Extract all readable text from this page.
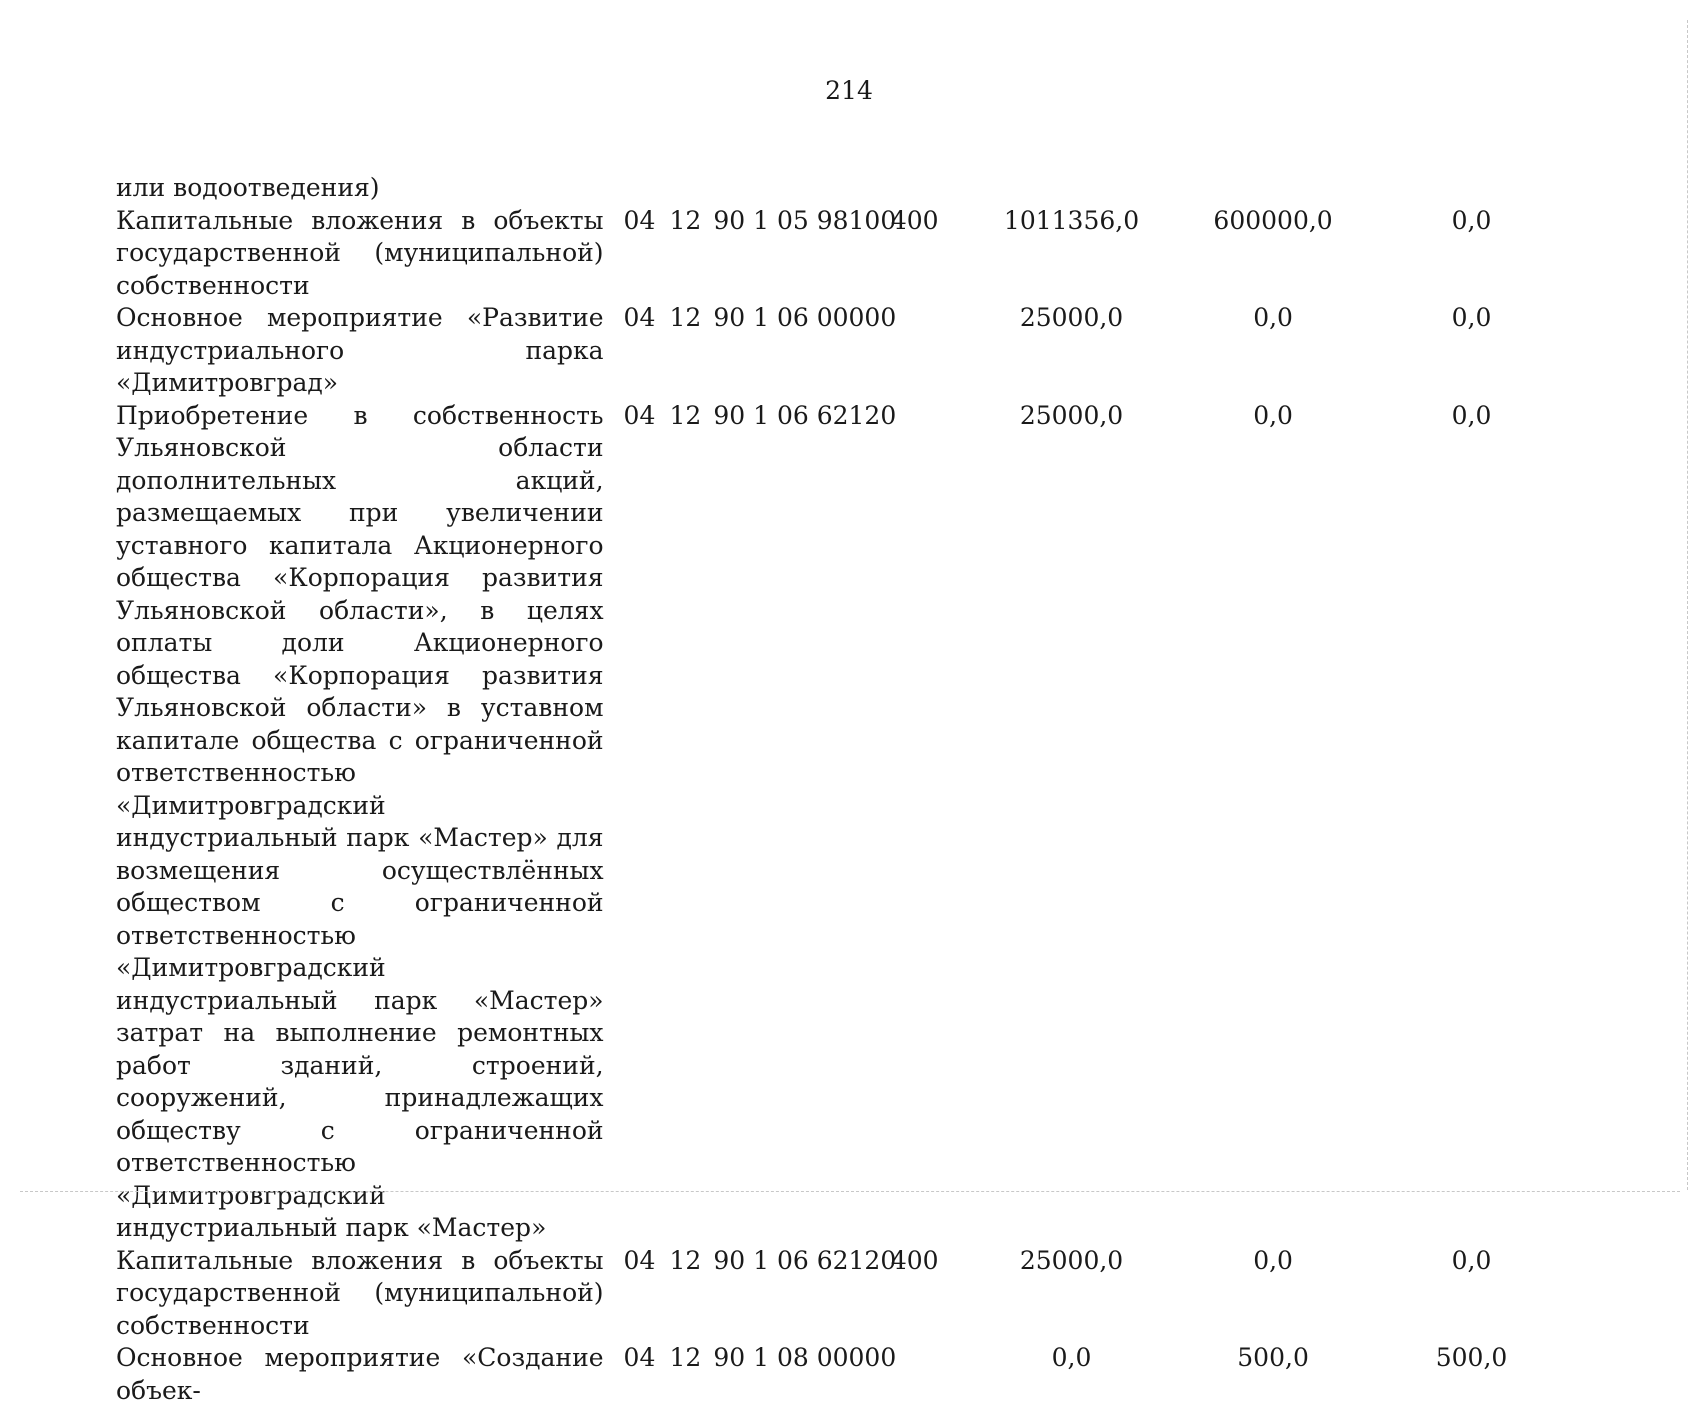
214
или водоотведения)							
Капитальные вложения в объекты государственной (муниципальной) собственности	04	12	90 1 05 98100	400	1011356,0	600000,0	0,0
Основное мероприятие «Развитие индустриального парка «Димитровград»	04	12	90 1 06 00000		25000,0	0,0	0,0
Приобретение в собственность Ульяновской области дополнительных акций, размещаемых при увеличении уставного капитала Акционерного общества «Корпорация развития Ульяновской области», в целях оплаты доли Акционерного общества «Корпорация развития Ульяновской области» в уставном капитале общества с ограниченной ответственностью «Димитровградский индустриальный парк «Мастер» для возмещения осуществлённых обществом с ограниченной ответственностью «Димитровградский индустриальный парк «Мастер» затрат на выполнение ремонтных работ зданий, строений, сооружений, принадлежащих обществу с ограниченной ответственностью «Димитровградский индустриальный парк «Мастер»	04	12	90 1 06 62120		25000,0	0,0	0,0
Капитальные вложения в объекты государственной (муниципальной) собственности	04	12	90 1 06 62120	400	25000,0	0,0	0,0
Основное мероприятие «Создание объек-	04	12	90 1 08 00000		0,0	500,0	500,0
